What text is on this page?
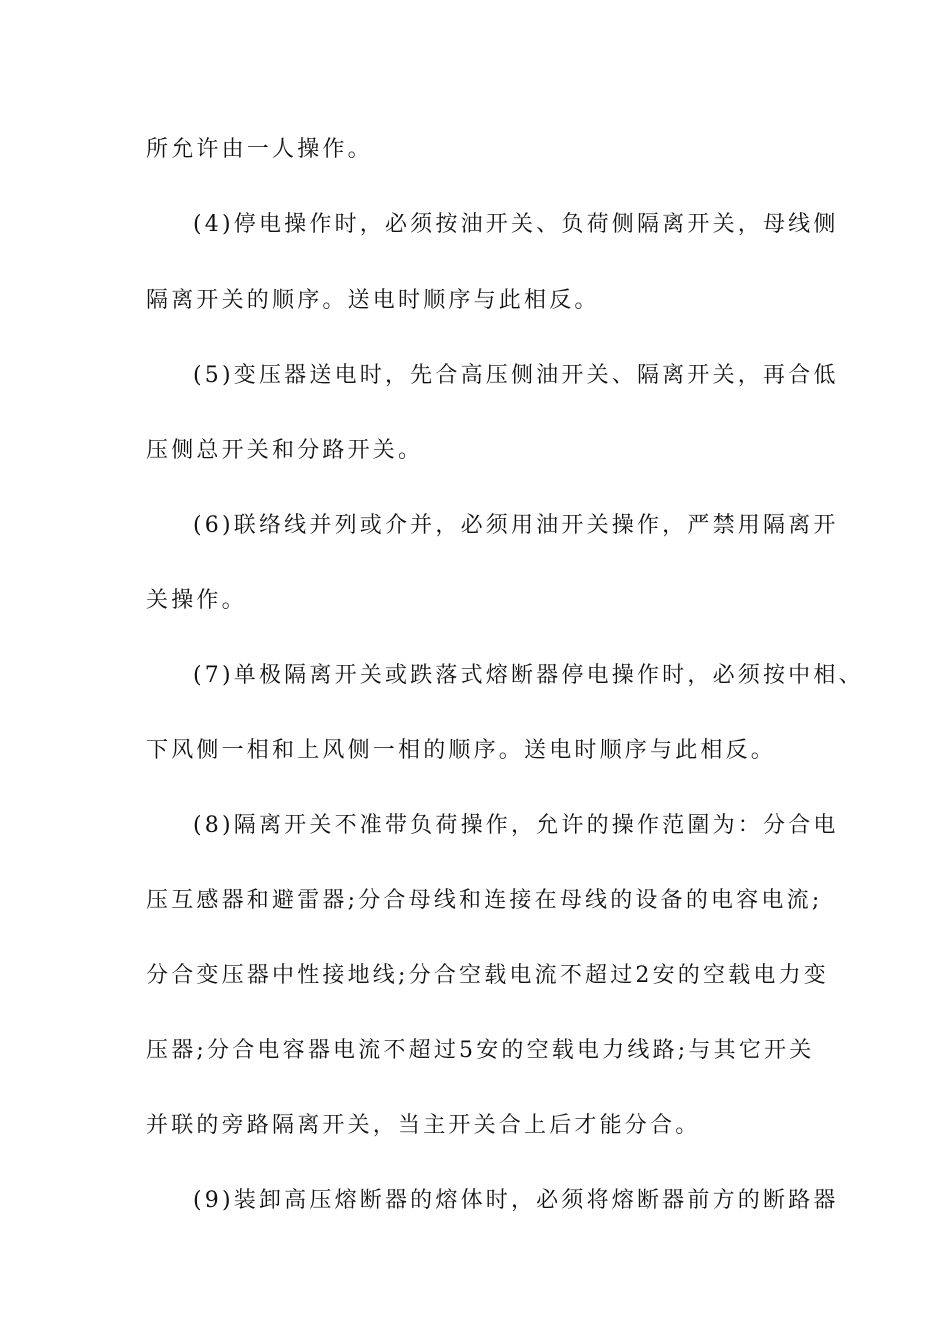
所允许由一人操作。
(4)停电操作时，必须按油开关、负荷侧隔离开关，母线侧
隔离开关的顺序。送电时顺序与此相反。
(5)变压器送电时，先合高压侧油开关、隔离开关，再合低
压侧总开关和分路开关。
(6)联络线并列或介并，必须用油开关操作，严禁用隔离开
关操作。
(7)单极隔离开关或跌落式熔断器停电操作时，必须按中相、
下风侧一相和上风侧一相的顺序。送电时顺序与此相反。
(8)隔离开关不准带负荷操作，允许的操作范圍为：分合电
压互感器和避雷器;分合母线和连接在母线的设备的电容电流;
分合变压器中性接地线;分合空载电流不超过2安的空载电力变
压器;分合电容器电流不超过5安的空载电力线路;与其它开关
并联的旁路隔离开关，当主开关合上后才能分合。
(9)装卸高压熔断器的熔体时，必须将熔断器前方的断路器
